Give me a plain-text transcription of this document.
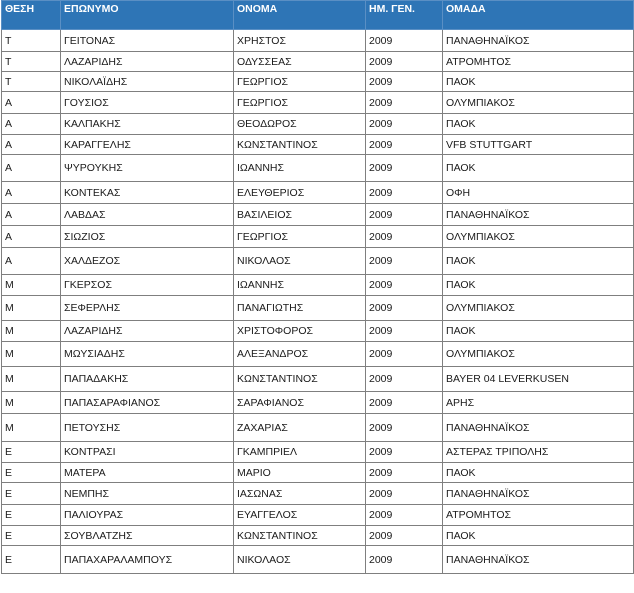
ΘΕΣΗ	ΕΠΩΝΥΜΟ	ΟΝΟΜΑ	ΗΜ. ΓΕΝ.	ΟΜΑΔΑ
Τ	ΓΕΙΤΟΝΑΣ	ΧΡΗΣΤΟΣ	2009	ΠΑΝΑΘΗΝΑΪΚΟΣ
Τ	ΛΑΖΑΡΙΔΗΣ	ΟΔΥΣΣΕΑΣ	2009	ΑΤΡΟΜΗΤΟΣ
Τ	ΝΙΚΟΛΑΪΔΗΣ	ΓΕΩΡΓΙΟΣ	2009	ΠΑΟΚ
Α	ΓΟΥΣΙΟΣ	ΓΕΩΡΓΙΟΣ	2009	ΟΛΥΜΠΙΑΚΟΣ
Α	ΚΑΛΠΑΚΗΣ	ΘΕΟΔΩΡΟΣ	2009	ΠΑΟΚ
Α	ΚΑΡΑΓΓΕΛΗΣ	ΚΩΝΣΤΑΝΤΙΝΟΣ	2009	VFB STUTTGART
Α	ΨΥΡΟΥΚΗΣ	ΙΩΑΝΝΗΣ	2009	ΠΑΟΚ
Α	ΚΟΝΤΕΚΑΣ	ΕΛΕΥΘΕΡΙΟΣ	2009	ΟΦΗ
Α	ΛΑΒΔΑΣ	ΒΑΣΙΛΕΙΟΣ	2009	ΠΑΝΑΘΗΝΑΪΚΟΣ
Α	ΣΙΩΖΙΟΣ	ΓΕΩΡΓΙΟΣ	2009	ΟΛΥΜΠΙΑΚΟΣ
Α	ΧΑΛΔΕΖΟΣ	ΝΙΚΟΛΑΟΣ	2009	ΠΑΟΚ
Μ	ΓΚΕΡΣΟΣ	ΙΩΑΝΝΗΣ	2009	ΠΑΟΚ
Μ	ΣΕΦΕΡΛΗΣ	ΠΑΝΑΓΙΩΤΗΣ	2009	ΟΛΥΜΠΙΑΚΟΣ
Μ	ΛΑΖΑΡΙΔΗΣ	ΧΡΙΣΤΟΦΟΡΟΣ	2009	ΠΑΟΚ
Μ	ΜΩΥΣΙΑΔΗΣ	ΑΛΕΞΑΝΔΡΟΣ	2009	ΟΛΥΜΠΙΑΚΟΣ
Μ	ΠΑΠΑΔΑΚΗΣ	ΚΩΝΣΤΑΝΤΙΝΟΣ	2009	BAYER 04 LEVERKUSEN
Μ	ΠΑΠΑΣΑΡΑΦΙΑΝΟΣ	ΣΑΡΑΦΙΑΝΟΣ	2009	ΑΡΗΣ
Μ	ΠΕΤΟΥΣΗΣ	ΖΑΧΑΡΙΑΣ	2009	ΠΑΝΑΘΗΝΑΪΚΟΣ
Ε	ΚΟΝΤΡΑΣΙ	ΓΚΑΜΠΡΙΕΛ	2009	ΑΣΤΕΡΑΣ ΤΡΙΠΟΛΗΣ
Ε	ΜΑΤΕΡΑ	ΜΑΡΙΟ	2009	ΠΑΟΚ
Ε	ΝΕΜΠΗΣ	ΙΑΣΩΝΑΣ	2009	ΠΑΝΑΘΗΝΑΪΚΟΣ
Ε	ΠΑΛΙΟΥΡΑΣ	ΕΥΑΓΓΕΛΟΣ	2009	ΑΤΡΟΜΗΤΟΣ
Ε	ΣΟΥΒΛΑΤΖΗΣ	ΚΩΝΣΤΑΝΤΙΝΟΣ	2009	ΠΑΟΚ
Ε	ΠΑΠΑΧΑΡΑΛΑΜΠΟΥΣ	ΝΙΚΟΛΑΟΣ	2009	ΠΑΝΑΘΗΝΑΪΚΟΣ
